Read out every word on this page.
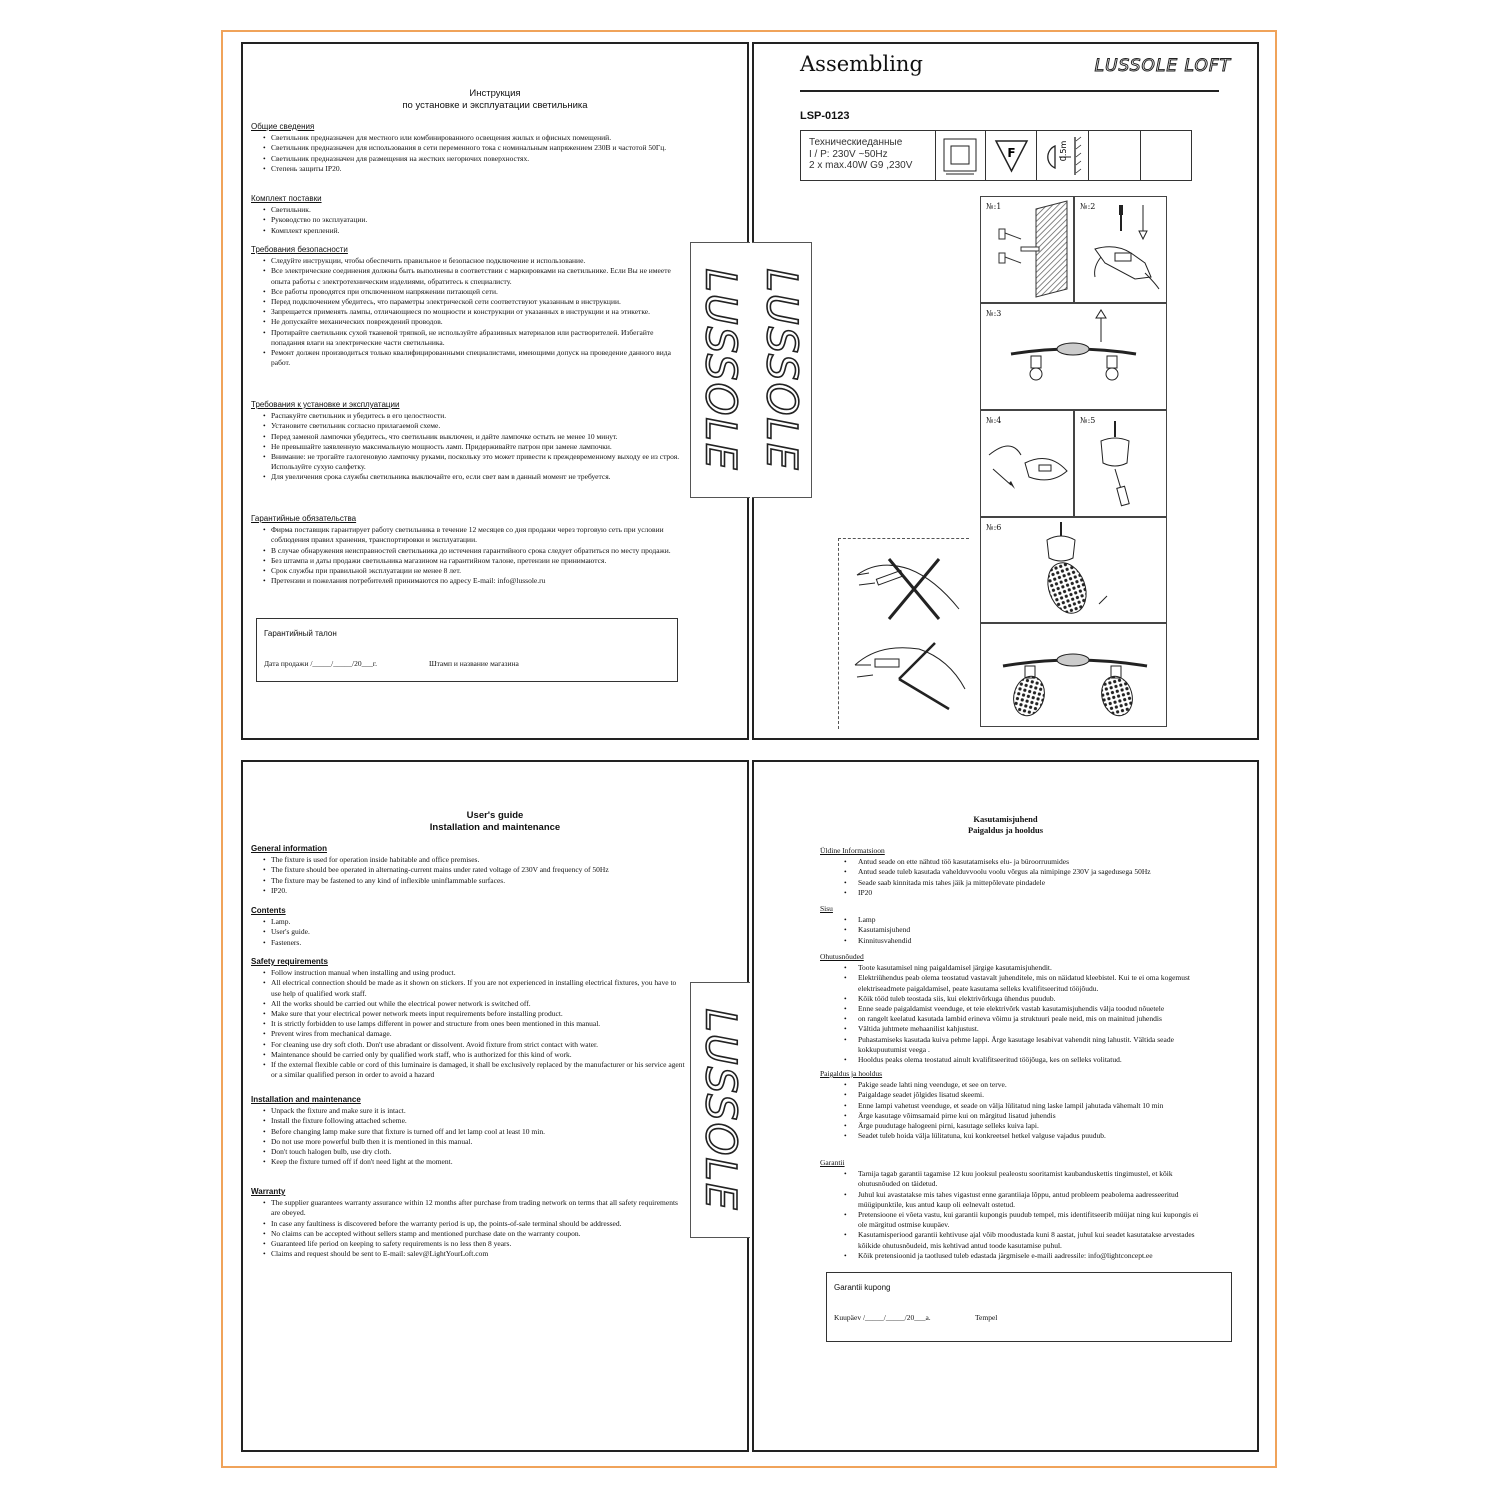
Инструкция
по установке и эксплуатации светильника
Общие сведения
• Светильник предназначен для местного или комбинированного освещения жилых и офисных помещений.
• Светильник предназначен для использования в сети переменного тока с номинальным напряжением 230В и частотой 50Гц.
• Светильник предназначен для размещения на жестких негорючих поверхностях.
• Степень защиты IP20.
Комплект поставки
• Светильник.
• Руководство по эксплуатации.
• Комплект креплений.
Требования безопасности
• Следуйте инструкции, чтобы обеспечить правильное и безопасное подключение и использование.
• Все электрические соединения должны быть выполнены в соответствии с маркировками на светильнике. Если Вы не имеете опыта работы с электротехническим изделиями, обратитесь к специалисту.
• Все работы проводятся при отключенном напряжении питающей сети.
• Перед подключением убедитесь, что параметры электрической сети соответствуют указанным в инструкции.
• Запрещается применять лампы, отличающиеся по мощности и конструкции от указанных в инструкции и на этикетке.
• Не допускайте механических повреждений проводов.
• Протирайте светильник сухой тканевой тряпкой, не используйте абразивных материалов или растворителей. Избегайте попадания влаги на электрические части светильника.
• Ремонт должен производиться только квалифицированными специалистами, имеющими допуск на проведение данного вида работ.
Требования к установке и эксплуатации
• Распакуйте светильник и убедитесь в его целостности.
• Установите светильник согласно прилагаемой схеме.
• Перед заменой лампочки убедитесь, что светильник выключен, и дайте лампочке остыть не менее 10 минут.
• Не превышайте заявленную максимальную мощность ламп. Придерживайте патрон при замене лампочки.
• Внимание: не трогайте галогеновую лампочку руками, поскольку это может привести к преждевременному выходу ее из строя. Используйте сухую салфетку.
• Для увеличения срока службы светильника выключайте его, если свет вам в данный момент не требуется.
Гарантийные обязательства
• Фирма поставщик гарантирует работу светильника в течение 12 месяцев со дня продажи через торговую сеть при условии соблюдения правил хранения, транспортировки и эксплуатации.
• В случае обнаружения неисправностей светильника до истечения гарантийного срока следует обратиться по месту продажи.
• Без штампа и даты продажи светильника магазином на гарантийном талоне, претензии не принимаются.
• Срок службы при правильной эксплуатации не менее 8 лет.
• Претензии и пожелания потребителей принимаются по адресу E-mail: info@lussole.ru
Гарантийный талон
Дата продажи /_____/_____/20___г.	Штамп и название магазина
Assembling	LUSSOLE LOFT
LSP-0123
Техническиеданные
I / P: 230V ~50Hz
2 x max.40W G9 ,230V
F	0.5m
№:1	№:2
№:3
№:4	№:5
№:6
LUSSOLE LUSSOLE
User's guide
Installation and maintenance
General information
• The fixture is used for operation inside habitable and office premises.
• The fixture should bee operated in alternating-current mains under rated voltage of 230V and frequency of 50Hz
• The fixture may be fastened to any kind of inflexible uninflammable surfaces.
• IP20.
Contents
• Lamp.
• User's guide.
• Fasteners.
Safety requirements
• Follow instruction manual when installing and using product.
• All electrical connection should be made as it shown on stickers. If you are not experienced in installing electrical fixtures, you have to use help of qualified work staff.
• All the works should be carried out while the electrical power network is switched off.
• Make sure that your electrical power network meets input requirements before installing product.
• It is strictly forbidden to use lamps different in power and structure from ones been mentioned in this manual.
• Prevent wires from mechanical damage.
• For cleaning use dry soft cloth. Don't use abradant or dissolvent. Avoid fixture from strict contact with water.
• Maintenance should be carried only by qualified work staff, who is authorized for this kind of work.
• If the external flexible cable or cord of this luminaire is damaged, it shall be exclusively replaced by the manufacturer or his service agent or a similar qualified person in order to avoid a hazard
Installation and maintenance
• Unpack the fixture and make sure it is intact.
• Install the fixture following attached scheme.
• Before changing lamp make sure that fixture is turned off and let lamp cool at least 10 min.
• Do not use more powerful bulb then it is mentioned in this manual.
• Don't touch halogen bulb, use dry cloth.
• Keep the fixture turned off if don't need light at the moment.
Warranty
• The supplier guarantees warranty assurance within 12 months after purchase from trading network on terms that all safety requirements are obeyed.
• In case any faultiness is discovered before the warranty period is up, the points-of-sale terminal should be addressed.
• No claims can be accepted without sellers stamp and mentioned purchase date on the warranty coupon.
• Guaranteed life period on keeping to safety requirements is no less then 8 years.
• Claims and request should be sent to E-mail: salev@LightYourLoft.com
LUSSOLE
Kasutamisjuhend
Paigaldus ja hooldus
Üldine Informatsioon
• Antud seade on ette nähtud töö kasutatamiseks elu- ja büroorruumides
• Antud seade tuleb kasutada vahelduvvoolu voolu võrgus ala nimipinge 230V ja sagedusega 50Hz
• Seade saab kinnitada mis tahes jäik ja mittepõlevate pindadele
• IP20
Sisu
• Lamp
• Kasutamisjuhend
• Kinnitusvahendid
Ohutusnõuded
• Toote kasutamisel ning paigaldamisel järgige kasutamisjuhendit.
• Elektriühendus peab olema teostatud vastavalt juhenditele, mis on näidatud kleebistel. Kui te ei oma kogemust elektriseadmete paigaldamisel, peate kasutama selleks kvalifitseeritud tööjõudu.
• Kõik tööd tuleb teostada siis, kui elektrivõrkuga ühendus puudub.
• Enne seade paigaldamist veenduge, et teie elektrivõrk vastab kasutamisjuhendis välja toodud nõuetele
• on rangelt keelatud kasutada lambid erineva võimu ja struktuuri peale neid, mis on mainitud juhendis
• Vältida juhtmete mehaanilist kahjustust.
• Puhastamiseks kasutada kuiva pehme lappi. Ärge kasutage lesabivat vahendit ning lahustit. Vältida seade kokkupuutumist veega .
• Hooldus peaks olema teostatud ainult kvalifitseeritud tööjõuga, kes on selleks volitatud.
Paigaldus ja hooldus
• Pakige seade lahti ning veenduge, et see on terve.
• Paigaldage seadet jõlgides lisatud skeemi.
• Enne lampi vahetust veenduge, et seade on välja lülitatud ning laske lampil jahutada vähemalt 10 min
• Ärge kasutage võimsamaid pirne kui on märgitud lisatud juhendis
• Ärge puudutage halogeeni pirni, kasutage selleks kuiva lapi.
• Seadet tuleb hoida välja lülitatuna, kui konkreetsel hetkel valguse vajadus puudub.
Garantii
• Tarnija tagab garantii tagamise 12 kuu jooksul pealeostu sooritamist kaubanduskettis tingimustel, et kõik ohutusnõuded on täidetud.
• Juhul kui avastatakse mis tahes vigastust enne garantiiaja lõppu, antud probleem peabolema aadresseeritud müügipunktile, kus antud kaup oli eelnevalt ostetud.
• Pretensioone ei võeta vastu, kui garantii kupongis puudub tempel, mis identifitseerib müüjat ning kui kupongis ei ole märgitud ostmise kuupäev.
• Kasutamisperiood garantii kehtivuse ajal võib moodustada kuni 8 aastat, juhul kui seadet kasutatakse arvestades kõikide ohutusnõudeid, mis kehtivad antud toode kasutamise puhul.
• Kõik pretensioonid ja taotlused tuleb edastada järgmisele e-maili aadressile: info@lightconcept.ee
Garantii kupong
Kuupäev /_____/_____/20___a.	Tempel
